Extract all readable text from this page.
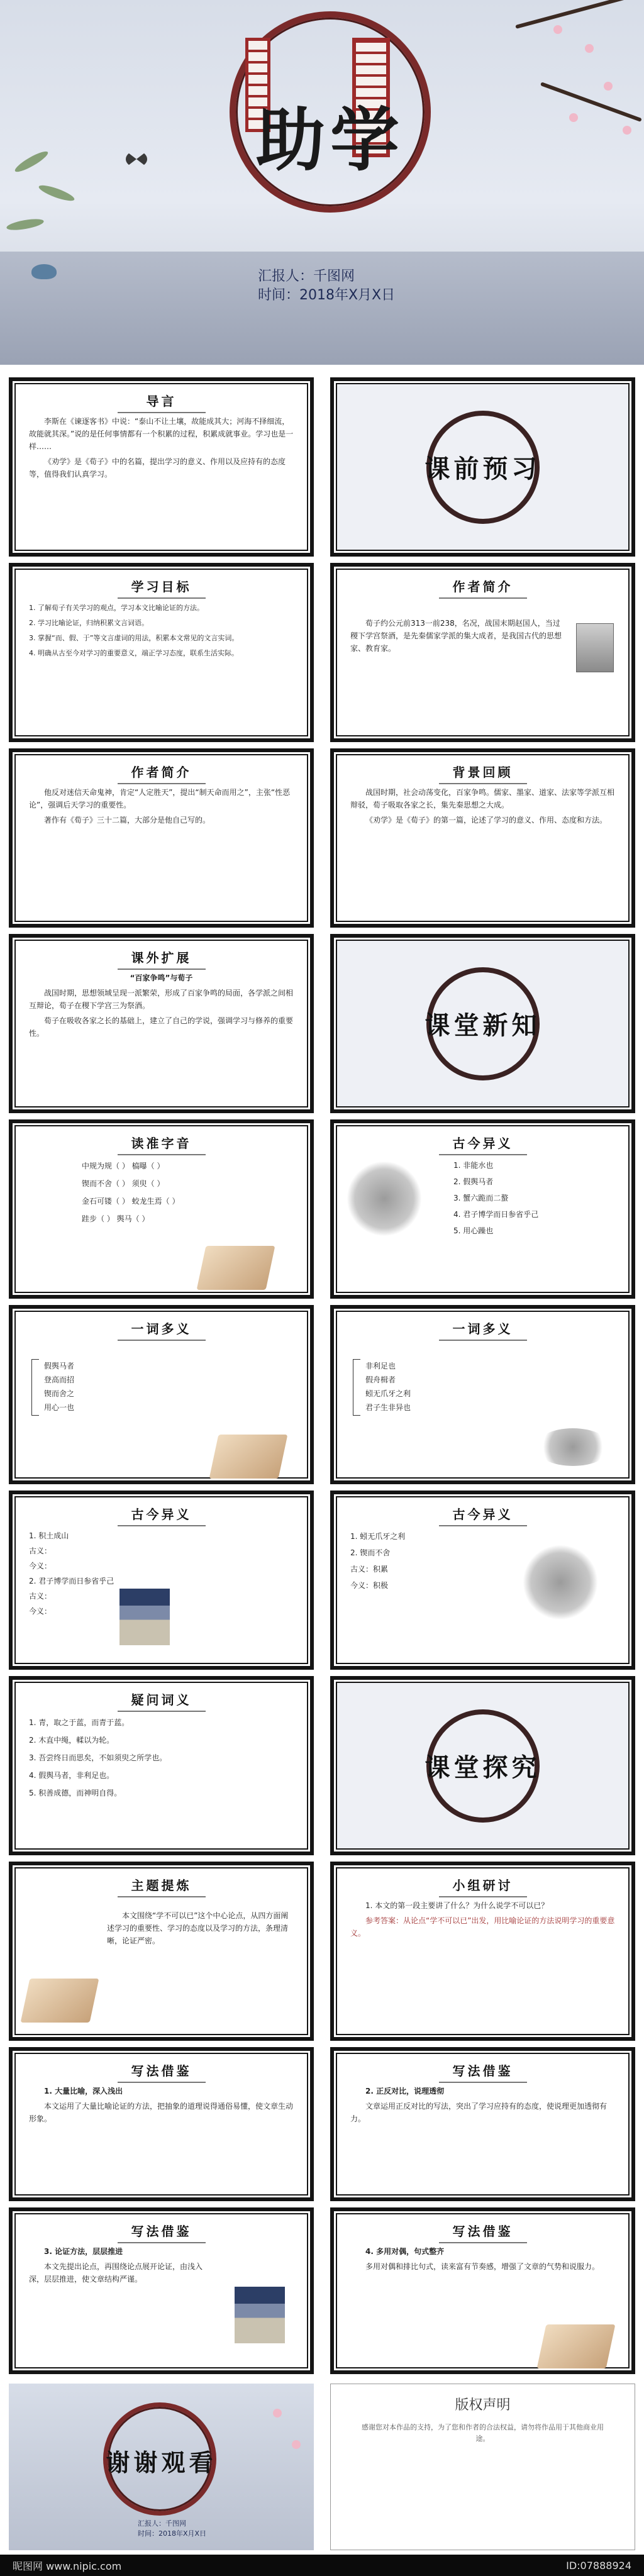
助学
汇报人：千图网
时间：2018年X月X日
导言

李斯在《谏逐客书》中说：“泰山不让土壤，故能成其大；河海不择细流，故能就其深。”说的是任何事情都有一个积累的过程，积累成就事业。学习也是一样……

《劝学》是《荀子》中的名篇，提出学习的意义、作用以及应持有的态度等，值得我们认真学习。	课前预习
学习目标
1. 了解荀子有关学习的观点，学习本文比喻论证的方法。
2. 学习比喻论证，归纳积累文言词语。
3. 掌握“而、假、于”等文言虚词的用法，积累本文常见的文言实词。
4. 明确从古至今对学习的重要意义，端正学习态度，联系生活实际。
作者简介

荀子约公元前313一前238，名况，战国末期赵国人，当过稷下学宫祭酒，是先秦儒家学派的集大成者，是我国古代的思想家、教育家。

作者简介

他反对迷信天命鬼神，肯定“人定胜天”，提出“制天命而用之”，主张“性恶论”，强调后天学习的重要性。

著作有《荀子》三十二篇，大部分是他自己写的。

背景回顾

战国时期，社会动荡变化，百家争鸣。儒家、墨家、道家、法家等学派互相辩驳，荀子吸取各家之长，集先秦思想之大成。

《劝学》是《荀子》的第一篇，论述了学习的意义、作用、态度和方法。

课外扩展
“百家争鸣”与荀子

战国时期，思想领域呈现一派繁荣，形成了百家争鸣的局面，各学派之间相互辩论，荀子在稷下学宫三为祭酒。

荀子在吸收各家之长的基础上，建立了自己的学说，强调学习与修养的重要性。	课堂新知
读准字音
中规为规（ ） 槁曝（ ）
锲而不舍（ ） 须臾（ ）
金石可镂（ ） 蛟龙生焉（ ）
跬步（ ） 舆马（ ）
古今异义
1. 非能水也
2. 假舆马者
3. 蟹六跪而二螯
4. 君子博学而日参省乎己
5. 用心躁也
一词多义
假舆马者
登高而招
锲而舍之
用心一也
一词多义
非利足也
假舟楫者
蚓无爪牙之利
君子生非异也
古今异义
1. 积土成山
古义：
今义：
2. 君子博学而日参省乎己
古义：
今义：
古今异义
1. 蚓无爪牙之利
2. 锲而不舍
古义：积累
今义：积极
疑问词义
1. 青，取之于蓝，而青于蓝。
2. 木直中绳，輮以为轮。
3. 吾尝终日而思矣，不如须臾之所学也。
4. 假舆马者，非利足也。
5. 积善成德，而神明自得。
课堂探究
主题提炼

本文围绕“学不可以已”这个中心论点，从四方面阐述学习的重要性、学习的态度以及学习的方法，条理清晰，论证严密。

小组研讨

1. 本文的第一段主要讲了什么？为什么说学不可以已？

参考答案：从论点“学不可以已”出发，用比喻论证的方法说明学习的重要意义。

写法借鉴

1. 大量比喻，深入浅出

本文运用了大量比喻论证的方法，把抽象的道理说得通俗易懂，使文章生动形象。

写法借鉴

2. 正反对比，说理透彻

文章运用正反对比的写法，突出了学习应持有的态度，使说理更加透彻有力。

写法借鉴

3. 论证方法，层层推进

本文先提出论点，再围绕论点展开论证，由浅入深，层层推进，使文章结构严谨。

写法借鉴

4. 多用对偶，句式整齐

多用对偶和排比句式，读来富有节奏感，增强了文章的气势和说服力。

谢谢观看
汇报人：千图网
时间：2018年X月X日
版权声明
感谢您对本作品的支持，为了您和作者的合法权益，请勿将作品用于其他商业用途。
昵图网 www.nipic.com	ID:07888924
